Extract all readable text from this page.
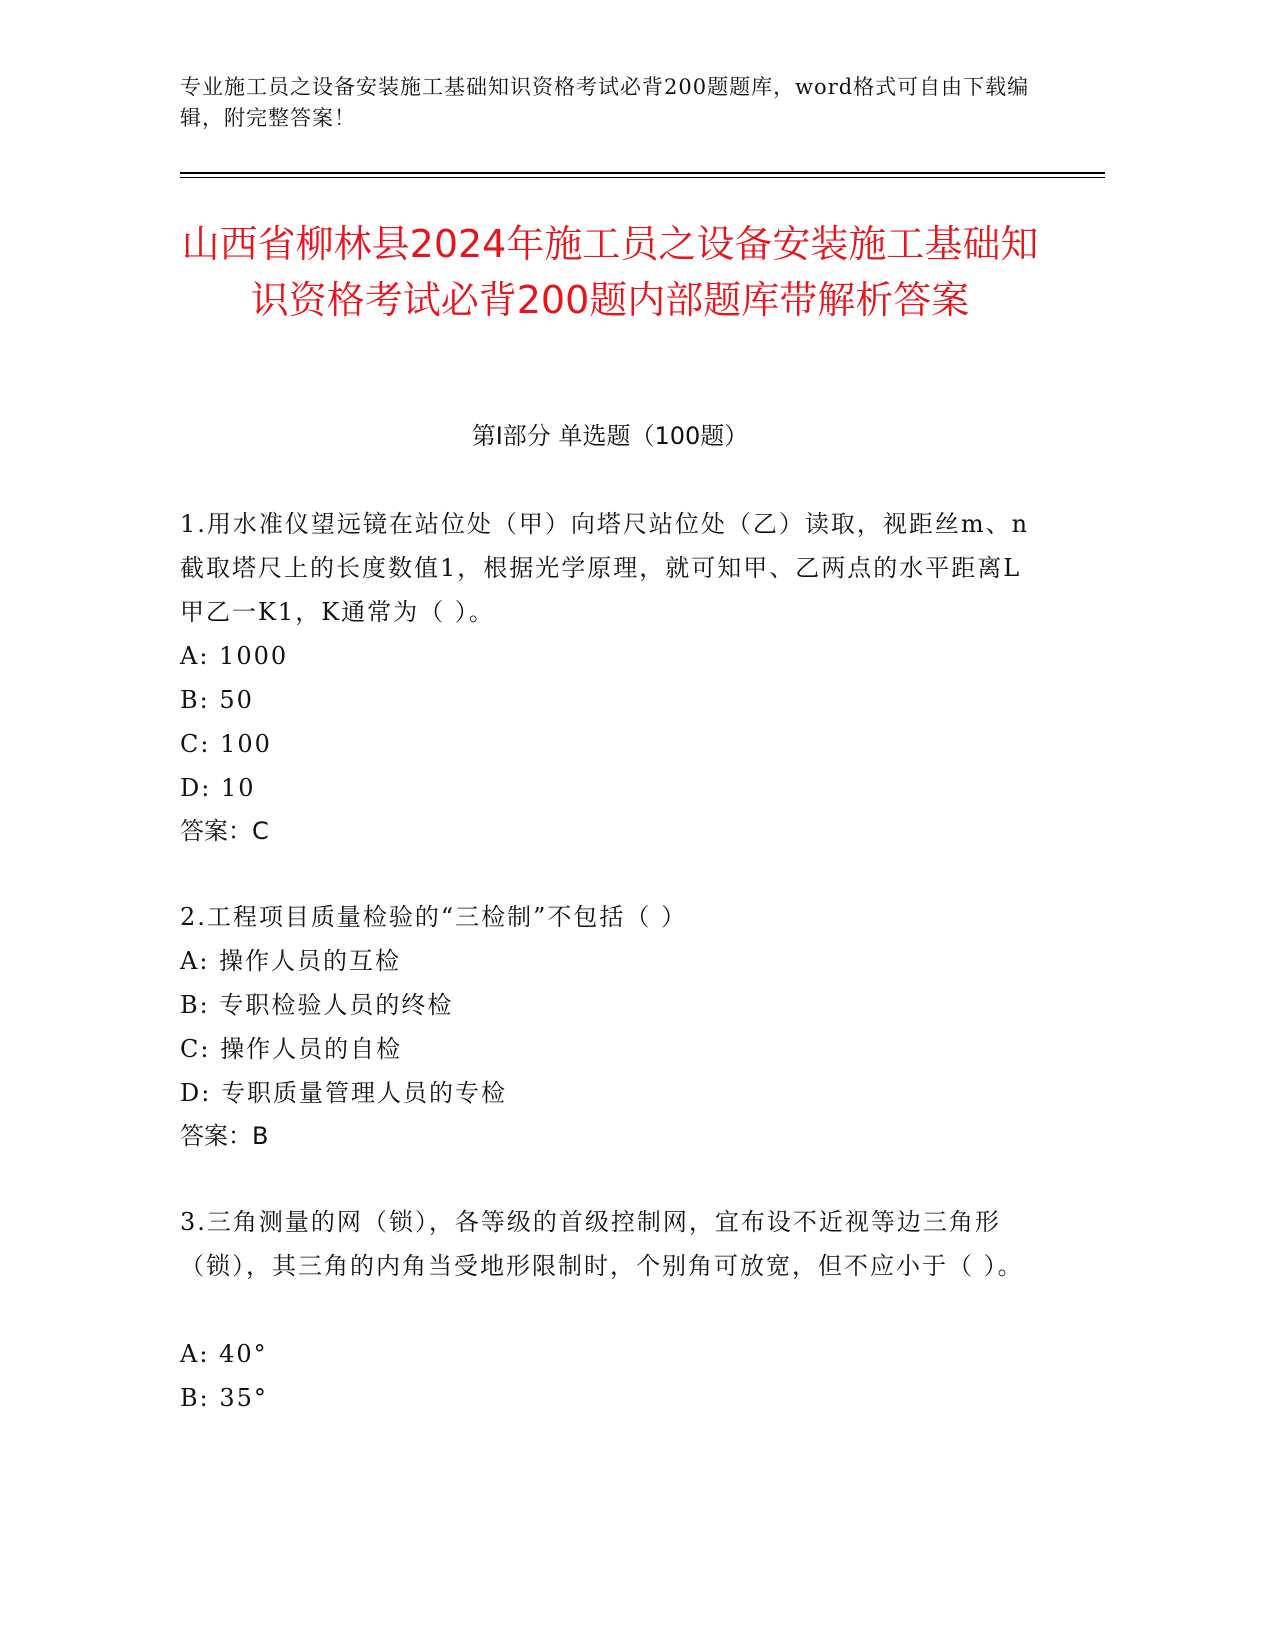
专业施工员之设备安装施工基础知识资格考试必背200题题库，word格式可自由下载编辑，附完整答案！
山西省柳林县2024年施工员之设备安装施工基础知识资格考试必背200题内部题库带解析答案
第I部分 单选题（100题）
1.用水准仪望远镜在站位处（甲）向塔尺站位处（乙）读取，视距丝m、n截取塔尺上的长度数值1，根据光学原理，就可知甲、乙两点的水平距离L甲乙一K1，K通常为（ ）。
A: 1000
B: 50
C: 100
D: 10
答案：C
2.工程项目质量检验的“三检制”不包括（ ）
A: 操作人员的互检
B: 专职检验人员的终检
C: 操作人员的自检
D: 专职质量管理人员的专检
答案：B
3.三角测量的网（锁），各等级的首级控制网，宜布设不近视等边三角形（锁），其三角的内角当受地形限制时，个别角可放宽，但不应小于（ ）。
A: 40°
B: 35°
